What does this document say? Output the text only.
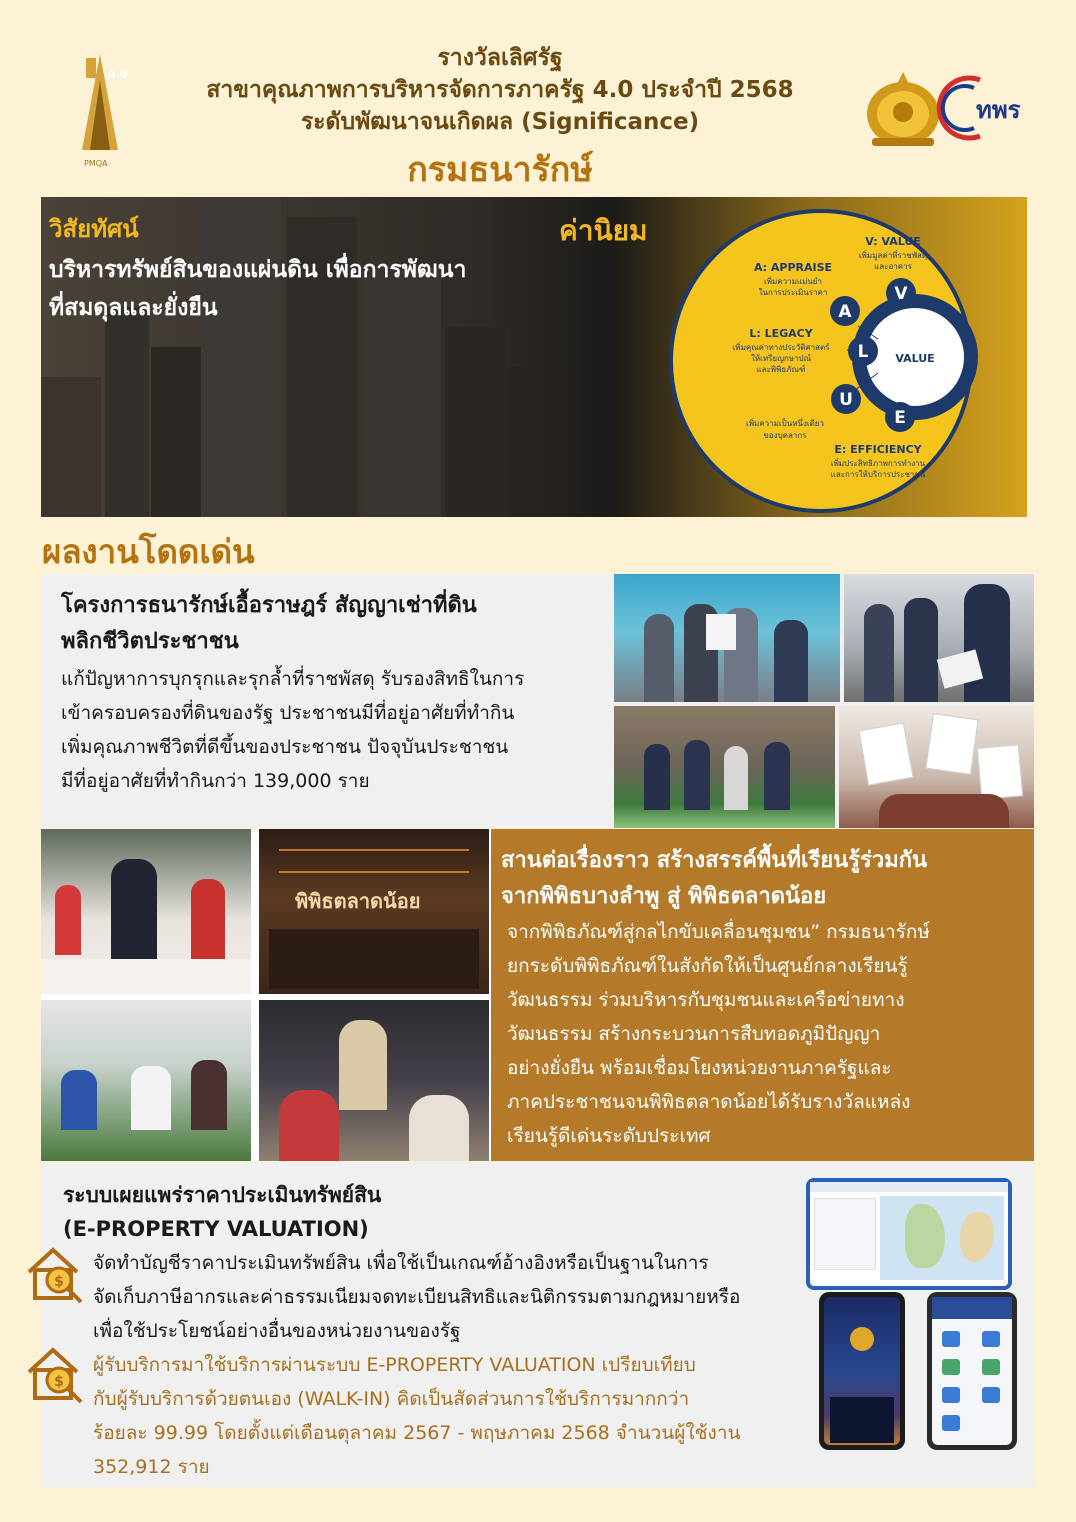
4.0
PMQA
รางวัลเลิศรัฐ
สาขาคุณภาพการบริหารจัดการภาครัฐ 4.0 ประจำปี 2568
ระดับพัฒนาจนเกิดผล (Significance)
กรมธนารักษ์
ทพร
วิสัยทัศน์
บริหารทรัพย์สินของแผ่นดิน เพื่อการพัฒนา
ที่สมดุลและยั่งยืน
ค่านิยม
VALUE
V
A
L
U
E
V: VALUE
เพิ่มมูลค่าที่ราชพัสดุ
และอาคาร
A: APPRAISE
เพิ่มความแม่นยำ
ในการประเมินราคา
L: LEGACY
เพิ่มคุณค่าทางประวัติศาสตร์
ให้เหรียญกษาปณ์
และพิพิธภัณฑ์
เพิ่มความเป็นหนึ่งเดียว
ของบุคลากร
E: EFFICIENCY
เพิ่มประสิทธิภาพการทำงาน
และการให้บริการประชาชน
ผลงานโดดเด่น
โครงการธนารักษ์เอื้อราษฎร์ สัญญาเช่าที่ดิน
พลิกชีวิตประชาชน
แก้ปัญหาการบุกรุกและรุกล้ำที่ราชพัสดุ รับรองสิทธิในการ
เข้าครอบครองที่ดินของรัฐ ประชาชนมีที่อยู่อาศัยที่ทำกิน
เพิ่มคุณภาพชีวิตที่ดีขึ้นของประชาชน ปัจจุบันประชาชน
มีที่อยู่อาศัยที่ทำกินกว่า 139,000 ราย
พิพิธตลาดน้อย
สานต่อเรื่องราว สร้างสรรค์พื้นที่เรียนรู้ร่วมกัน
จากพิพิธบางลำพู สู่ พิพิธตลาดน้อย
จากพิพิธภัณฑ์สู่กลไกขับเคลื่อนชุมชน” กรมธนารักษ์
ยกระดับพิพิธภัณฑ์ในสังกัดให้เป็นศูนย์กลางเรียนรู้
วัฒนธรรม ร่วมบริหารกับชุมชนและเครือข่ายทาง
วัฒนธรรม สร้างกระบวนการสืบทอดภูมิปัญญา
อย่างยั่งยืน พร้อมเชื่อมโยงหน่วยงานภาครัฐและ
ภาคประชาชนจนพิพิธตลาดน้อยได้รับรางวัลแหล่ง
เรียนรู้ดีเด่นระดับประเทศ
ระบบเผยแพร่ราคาประเมินทรัพย์สิน
(E-PROPERTY VALUATION)
$
จัดทำบัญชีราคาประเมินทรัพย์สิน เพื่อใช้เป็นเกณฑ์อ้างอิงหรือเป็นฐานในการ
จัดเก็บภาษีอากรและค่าธรรมเนียมจดทะเบียนสิทธิและนิติกรรมตามกฎหมายหรือ
เพื่อใช้ประโยชน์อย่างอื่นของหน่วยงานของรัฐ
$
ผู้รับบริการมาใช้บริการผ่านระบบ E-PROPERTY VALUATION เปรียบเทียบ
กับผู้รับบริการด้วยตนเอง (WALK-IN) คิดเป็นสัดส่วนการใช้บริการมากกว่า
ร้อยละ 99.99 โดยตั้งแต่เดือนตุลาคม 2567 - พฤษภาคม 2568 จำนวนผู้ใช้งาน
352,912 ราย
